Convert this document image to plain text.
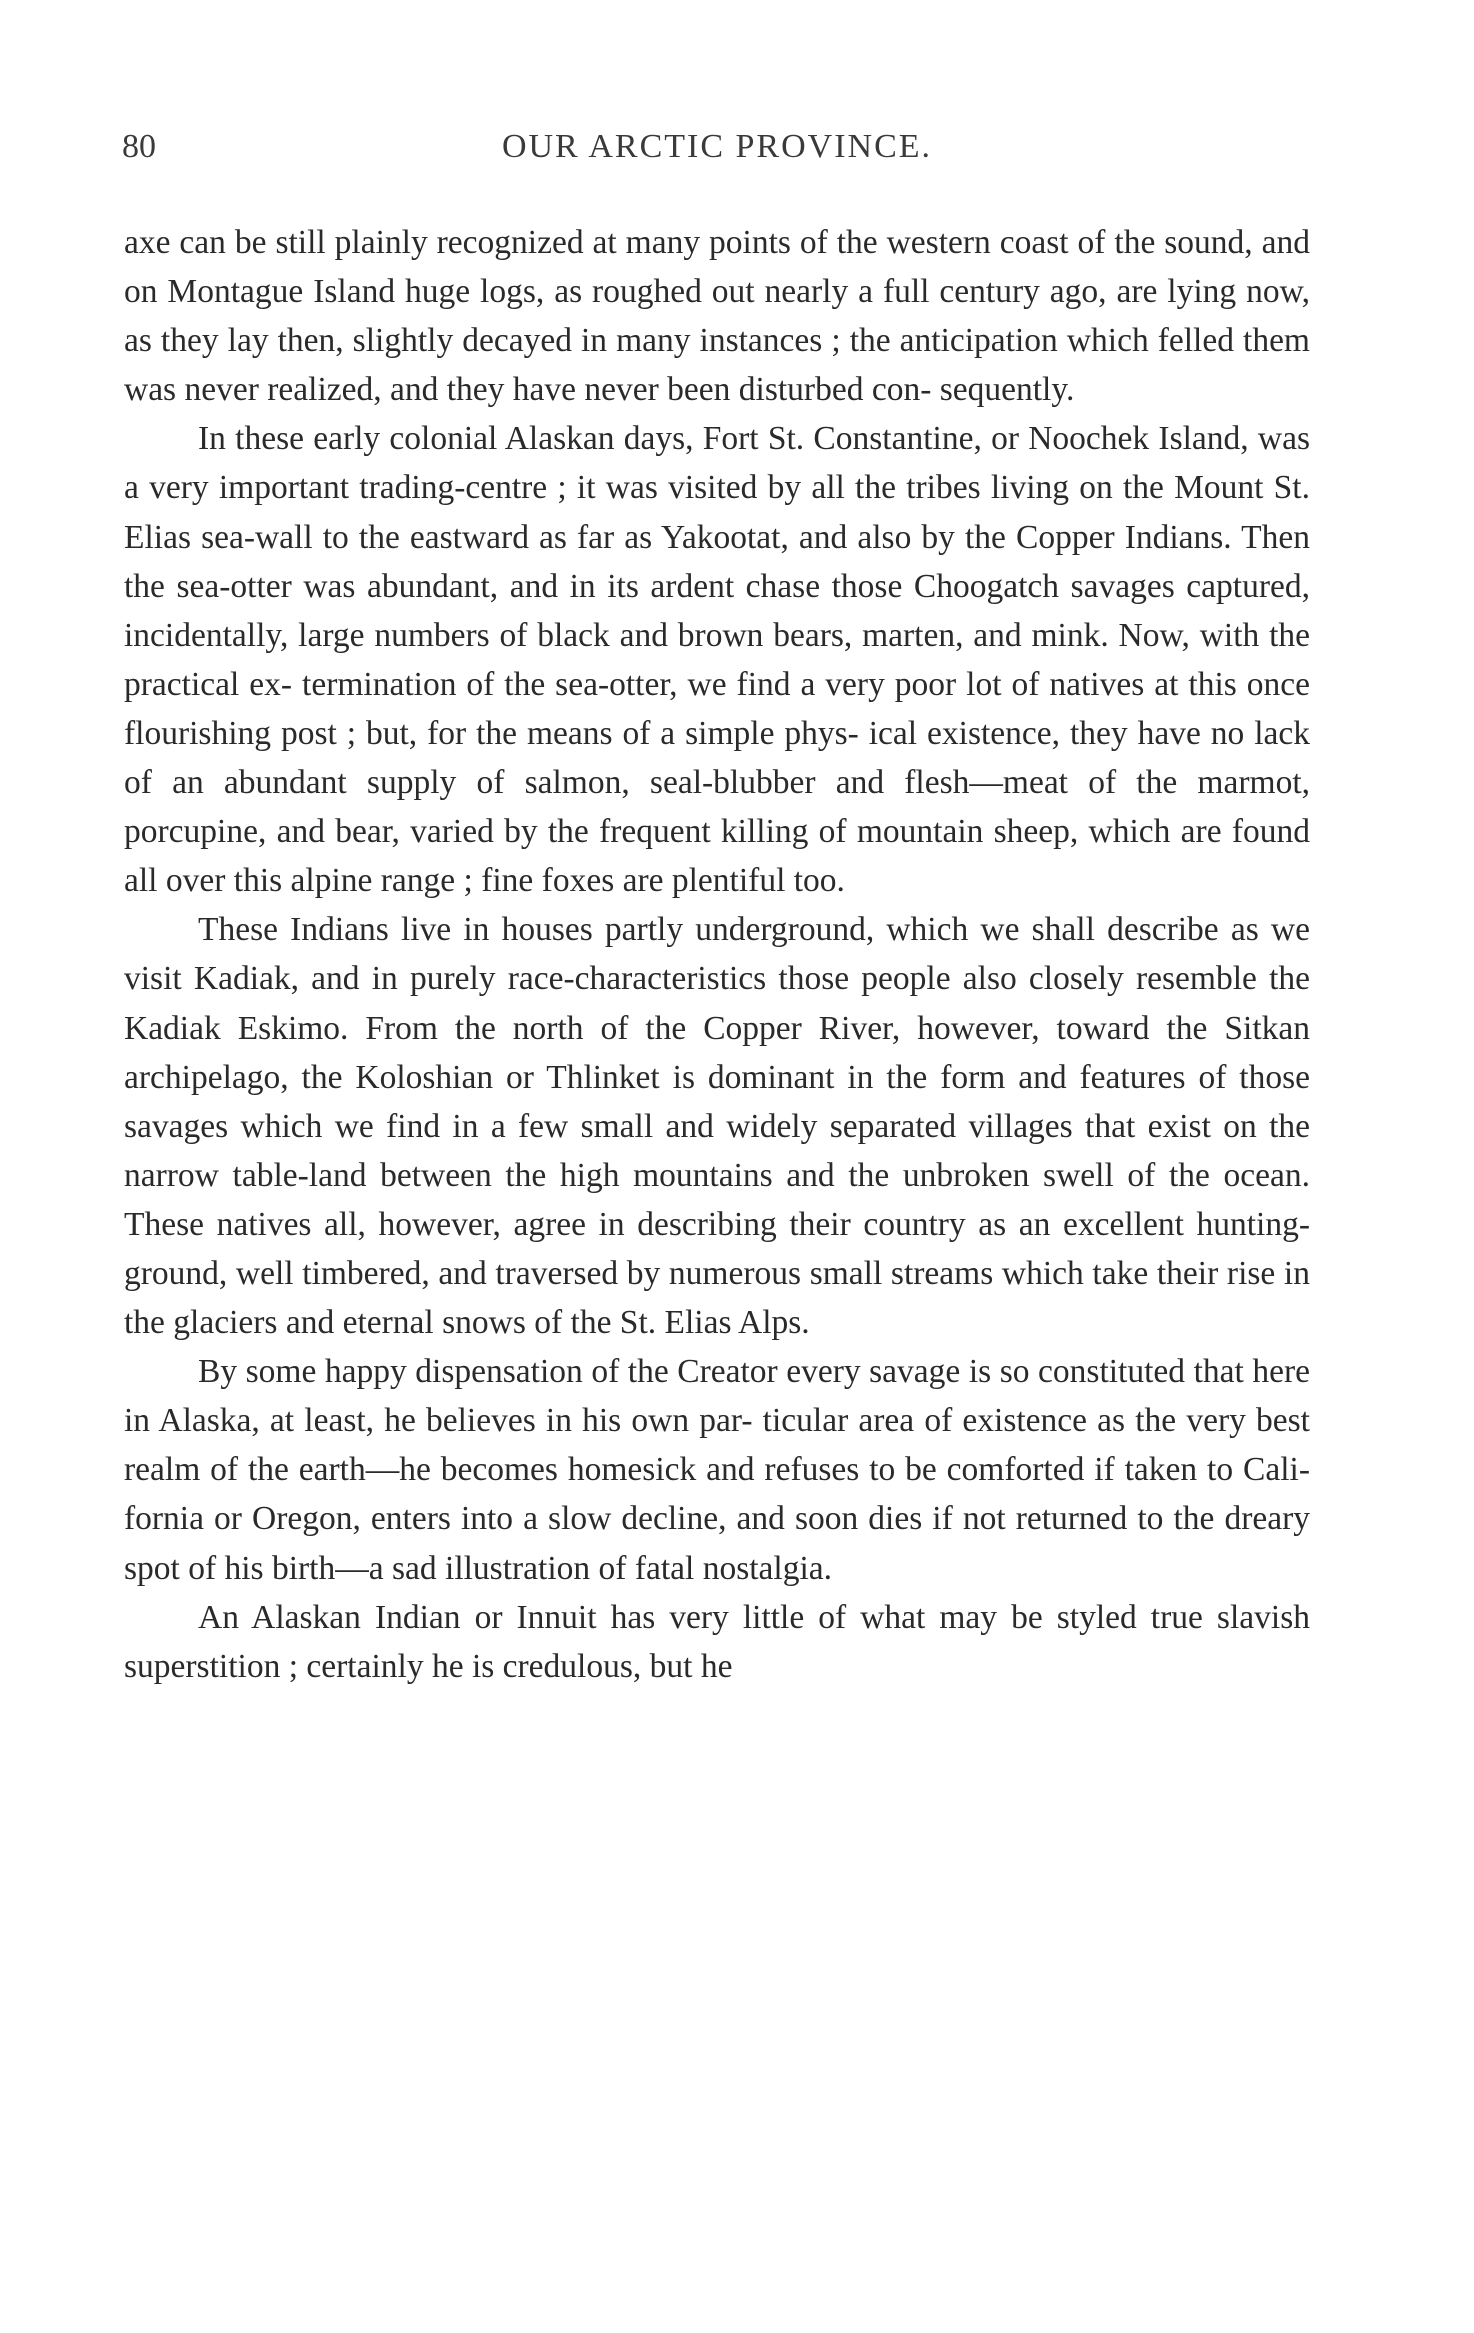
80	OUR ARCTIC PROVINCE.

axe can be still plainly recognized at many points of the western coast of the sound, and on Montague Island huge logs, as roughed out nearly a full century ago, are lying now, as they lay then, slightly decayed in many instances ; the anticipation which felled them was never realized, and they have never been disturbed con- sequently.

In these early colonial Alaskan days, Fort St. Constantine, or Noochek Island, was a very important trading-centre ; it was visited by all the tribes living on the Mount St. Elias sea-wall to the eastward as far as Yakootat, and also by the Copper Indians. Then the sea-otter was abundant, and in its ardent chase those Choogatch savages captured, incidentally, large numbers of black and brown bears, marten, and mink. Now, with the practical ex- termination of the sea-otter, we find a very poor lot of natives at this once flourishing post ; but, for the means of a simple phys- ical existence, they have no lack of an abundant supply of salmon, seal-blubber and flesh—meat of the marmot, porcupine, and bear, varied by the frequent killing of mountain sheep, which are found all over this alpine range ; fine foxes are plentiful too.

These Indians live in houses partly underground, which we shall describe as we visit Kadiak, and in purely race-characteristics those people also closely resemble the Kadiak Eskimo. From the north of the Copper River, however, toward the Sitkan archipelago, the Koloshian or Thlinket is dominant in the form and features of those savages which we find in a few small and widely separated villages that exist on the narrow table-land between the high mountains and the unbroken swell of the ocean. These natives all, however, agree in describing their country as an excellent hunting- ground, well timbered, and traversed by numerous small streams which take their rise in the glaciers and eternal snows of the St. Elias Alps.

By some happy dispensation of the Creator every savage is so constituted that here in Alaska, at least, he believes in his own par- ticular area of existence as the very best realm of the earth—he becomes homesick and refuses to be comforted if taken to Cali- fornia or Oregon, enters into a slow decline, and soon dies if not returned to the dreary spot of his birth—a sad illustration of fatal nostalgia.

An Alaskan Indian or Innuit has very little of what may be styled true slavish superstition ; certainly he is credulous, but he
